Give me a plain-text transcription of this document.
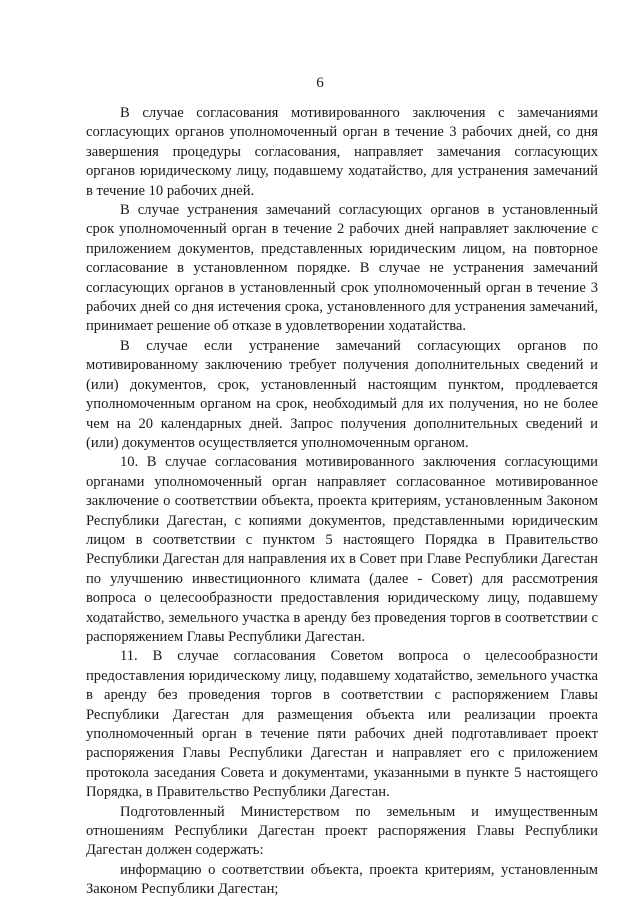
6

В случае согласования мотивированного заключения с замечаниями согласующих органов уполномоченный орган в течение 3 рабочих дней, со дня завершения процедуры согласования, направляет замечания согласующих органов юридическому лицу, подавшему ходатайство, для устранения замечаний в течение 10 рабочих дней.

В случае устранения замечаний согласующих органов в установленный срок уполномоченный орган в течение 2 рабочих дней направляет заключение с приложением документов, представленных юридическим лицом, на повторное согласование в установленном порядке. В случае не устранения замечаний согласующих органов в установленный срок уполномоченный орган в течение 3 рабочих дней со дня истечения срока, установленного для устранения замечаний, принимает решение об отказе в удовлетворении ходатайства.

В случае если устранение замечаний согласующих органов по мотивированному заключению требует получения дополнительных сведений и (или) документов, срок, установленный настоящим пунктом, продлевается уполномоченным органом на срок, необходимый для их получения, но не более чем на 20 календарных дней. Запрос получения дополнительных сведений и (или) документов осуществляется уполномоченным органом.

10. В случае согласования мотивированного заключения согласующими органами уполномоченный орган направляет согласованное мотивированное заключение о соответствии объекта, проекта критериям, установленным Законом Республики Дагестан, с копиями документов, представленными юридическим лицом в соответствии с пунктом 5 настоящего Порядка в Правительство Республики Дагестан для направления их в Совет при Главе Республики Дагестан по улучшению инвестиционного климата (далее - Совет) для рассмотрения вопроса о целесообразности предоставления юридическому лицу, подавшему ходатайство, земельного участка в аренду без проведения торгов в соответствии с распоряжением Главы Республики Дагестан.

11. В случае согласования Советом вопроса о целесообразности предоставления юридическому лицу, подавшему ходатайство, земельного участка в аренду без проведения торгов в соответствии с распоряжением Главы Республики Дагестан для размещения объекта или реализации проекта уполномоченный орган в течение пяти рабочих дней подготавливает проект распоряжения Главы Республики Дагестан и направляет его с приложением протокола заседания Совета и документами, указанными в пункте 5 настоящего Порядка, в Правительство Республики Дагестан.

Подготовленный Министерством по земельным и имущественным отношениям Республики Дагестан проект распоряжения Главы Республики Дагестан должен содержать:

информацию о соответствии объекта, проекта критериям, установленным Законом Республики Дагестан;
